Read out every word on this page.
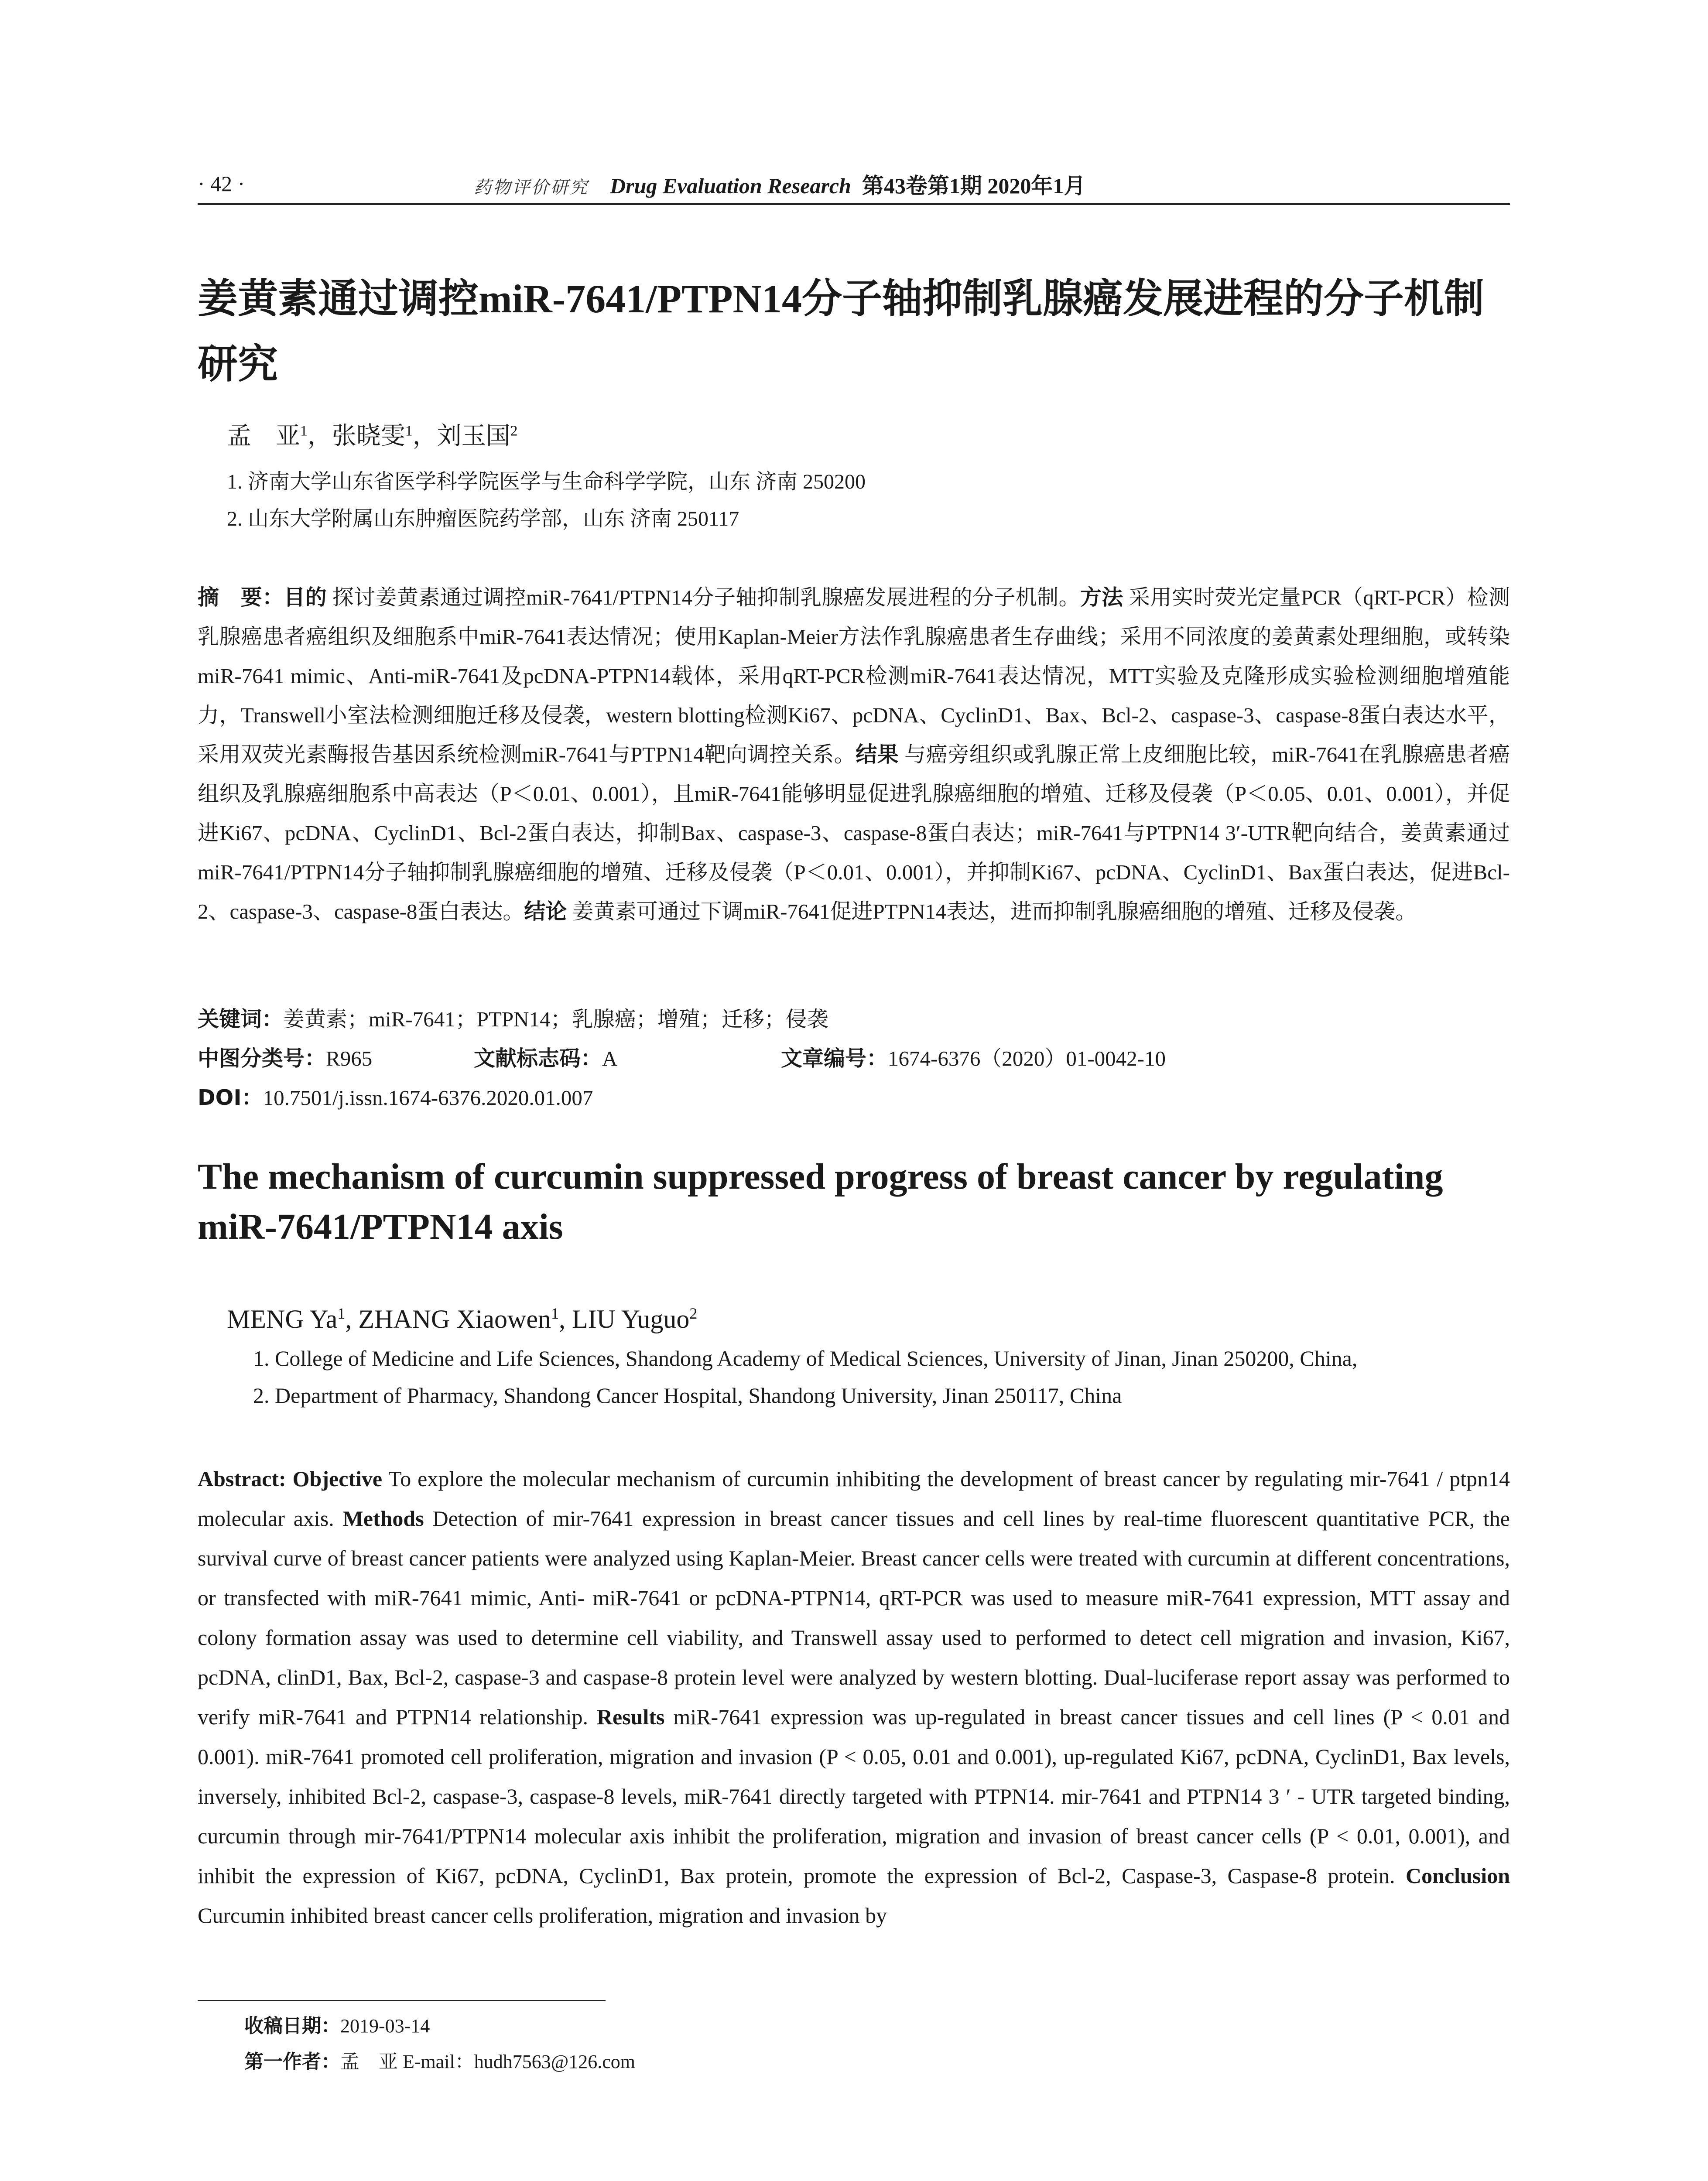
· 42 ·	药物评价研究 Drug Evaluation Research 第43卷第1期 2020年1月
姜黄素通过调控miR-7641/PTPN14分子轴抑制乳腺癌发展进程的分子机制研究
孟　亚$^1$，张晓雯$^1$，刘玉国$^2$
1. 济南大学山东省医学科学院医学与生命科学学院，山东 济南 250200
2. 山东大学附属山东肿瘤医院药学部，山东 济南 250117
摘　要：目的 探讨姜黄素通过调控miR-7641/PTPN14分子轴抑制乳腺癌发展进程的分子机制。方法 采用实时荧光定量PCR（qRT-PCR）检测乳腺癌患者癌组织及细胞系中miR-7641表达情况；使用Kaplan-Meier方法作乳腺癌患者生存曲线；采用不同浓度的姜黄素处理细胞，或转染miR-7641 mimic、Anti-miR-7641及pcDNA-PTPN14载体，采用qRT-PCR检测miR-7641表达情况，MTT实验及克隆形成实验检测细胞增殖能力，Transwell小室法检测细胞迁移及侵袭，western blotting检测Ki67、pcDNA、CyclinD1、Bax、Bcl-2、caspase-3、caspase-8蛋白表达水平，采用双荧光素酶报告基因系统检测miR-7641与PTPN14靶向调控关系。结果 与癌旁组织或乳腺正常上皮细胞比较，miR-7641在乳腺癌患者癌组织及乳腺癌细胞系中高表达（P＜0.01、0.001），且miR-7641能够明显促进乳腺癌细胞的增殖、迁移及侵袭（P＜0.05、0.01、0.001），并促进Ki67、pcDNA、CyclinD1、Bcl-2蛋白表达，抑制Bax、caspase-3、caspase-8蛋白表达；miR-7641与PTPN14 3′-UTR靶向结合，姜黄素通过miR-7641/PTPN14分子轴抑制乳腺癌细胞的增殖、迁移及侵袭（P＜0.01、0.001），并抑制Ki67、pcDNA、CyclinD1、Bax蛋白表达，促进Bcl-2、caspase-3、caspase-8蛋白表达。结论 姜黄素可通过下调miR-7641促进PTPN14表达，进而抑制乳腺癌细胞的增殖、迁移及侵袭。
关键词：姜黄素；miR-7641；PTPN14；乳腺癌；增殖；迁移；侵袭
中图分类号：R965	文献标志码：A	文章编号：1674-6376（2020）01-0042-10
DOI：10.7501/j.issn.1674-6376.2020.01.007
The mechanism of curcumin suppressed progress of breast cancer by regulating miR-7641/PTPN14 axis
MENG Ya$^1$, ZHANG Xiaowen$^1$, LIU Yuguo$^2$
1. College of Medicine and Life Sciences, Shandong Academy of Medical Sciences, University of Jinan, Jinan 250200, China,
2. Department of Pharmacy, Shandong Cancer Hospital, Shandong University, Jinan 250117, China
Abstract: Objective To explore the molecular mechanism of curcumin inhibiting the development of breast cancer by regulating mir-7641 / ptpn14 molecular axis. Methods Detection of mir-7641 expression in breast cancer tissues and cell lines by real-time fluorescent quantitative PCR, the survival curve of breast cancer patients were analyzed using Kaplan-Meier. Breast cancer cells were treated with curcumin at different concentrations, or transfected with miR-7641 mimic, Anti- miR-7641 or pcDNA-PTPN14, qRT-PCR was used to measure miR-7641 expression, MTT assay and colony formation assay was used to determine cell viability, and Transwell assay used to performed to detect cell migration and invasion, Ki67, pcDNA, clinD1, Bax, Bcl-2, caspase-3 and caspase-8 protein level were analyzed by western blotting. Dual-luciferase report assay was performed to verify miR-7641 and PTPN14 relationship. Results miR-7641 expression was up-regulated in breast cancer tissues and cell lines (P < 0.01 and 0.001). miR-7641 promoted cell proliferation, migration and invasion (P < 0.05, 0.01 and 0.001), up-regulated Ki67, pcDNA, CyclinD1, Bax levels, inversely, inhibited Bcl-2, caspase-3, caspase-8 levels, miR-7641 directly targeted with PTPN14. mir-7641 and PTPN14 3 ′ - UTR targeted binding, curcumin through mir-7641/PTPN14 molecular axis inhibit the proliferation, migration and invasion of breast cancer cells (P < 0.01, 0.001), and inhibit the expression of Ki67, pcDNA, CyclinD1, Bax protein, promote the expression of Bcl-2, Caspase-3, Caspase-8 protein. Conclusion Curcumin inhibited breast cancer cells proliferation, migration and invasion by
收稿日期：2019-03-14
第一作者：孟　亚 E-mail：hudh7563@126.com
